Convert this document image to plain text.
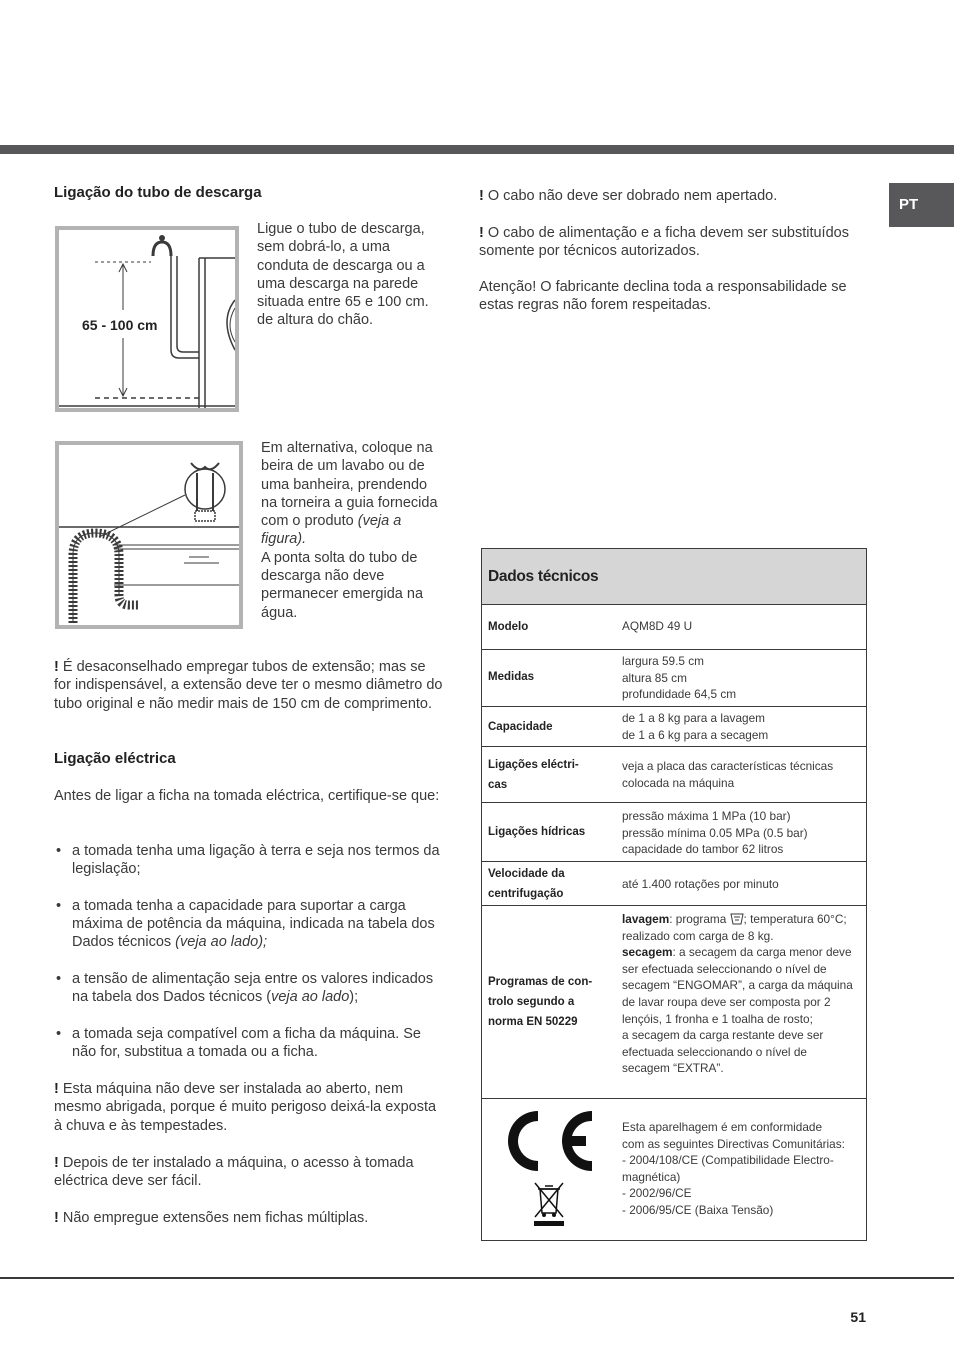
PT
51
Ligação do tubo de descarga
65 - 100 cm
Ligue o tubo de descarga, sem dobrá-lo, a uma conduta de descarga ou a uma descarga na parede situada entre 65 e 100 cm. de altura do chão.
Em alternativa, coloque na beira de um lavabo ou de uma banheira, prendendo na torneira a guia fornecida com o produto (veja a figura).
A ponta solta do tubo de descarga não deve permanecer emergida na água.
! É desaconselhado empregar tubos de extensão; mas se for indispensável, a extensão deve ter o mesmo diâmetro do tubo original e não medir mais de 150 cm de comprimento.
Ligação eléctrica
Antes de ligar a ficha na tomada eléctrica, certifique-se que:
• a tomada tenha uma ligação à terra e seja nos termos da legislação;
• a tomada tenha a capacidade para suportar a carga máxima de potência da máquina, indicada na tabela dos Dados técnicos (veja ao lado);
• a tensão de alimentação seja entre os valores indicados na tabela dos Dados técnicos (veja ao lado);
• a tomada seja compatível com a ficha da máquina. Se não for, substitua a tomada ou a ficha.
! Esta máquina não deve ser instalada ao aberto, nem mesmo abrigada, porque é muito perigoso deixá-la exposta à chuva e às tempestades.
! Depois de ter instalado a máquina, o acesso à tomada eléctrica deve ser fácil.
! Não empregue extensões nem fichas múltiplas.
! O cabo não deve ser dobrado nem apertado.
! O cabo de alimentação e a ficha devem ser substituídos somente por técnicos autorizados.
Atenção! O fabricante declina toda a responsabilidade se estas regras não forem respeitadas.
Dados técnicos
Modelo	AQM8D 49 U
Medidas
largura 59.5 cm
altura 85 cm
profundidade 64,5 cm
Capacidade
de 1 a 8 kg para a lavagem
de 1 a 6 kg para a secagem
Ligações eléctri-
cas
veja a placa das características técnicas
colocada na máquina
Ligações hídricas
pressão máxima 1 MPa (10 bar)
pressão mínima 0.05 MPa (0.5 bar)
capacidade do tambor 62 litros
Velocidade da
centrifugação
até 1.400 rotações por minuto
Programas de con-
trolo segundo a
norma EN 50229
lavagem: programa ; temperatura 60°C; realizado com carga de 8 kg.
secagem: a secagem da carga menor deve ser efectuada seleccionando o nível de secagem “ENGOMAR”, a carga da máquina de lavar roupa deve ser composta por 2 lençóis, 1 fronha e 1 toalha de rosto;
a secagem da carga restante deve ser efectuada seleccionando o nível de secagem “EXTRA”.
Esta aparelhagem é em conformidade
com as seguintes Directivas Comunitárias:
- 2004/108/CE (Compatibilidade Electro-
magnética)
- 2002/96/CE
- 2006/95/CE (Baixa Tensão)
